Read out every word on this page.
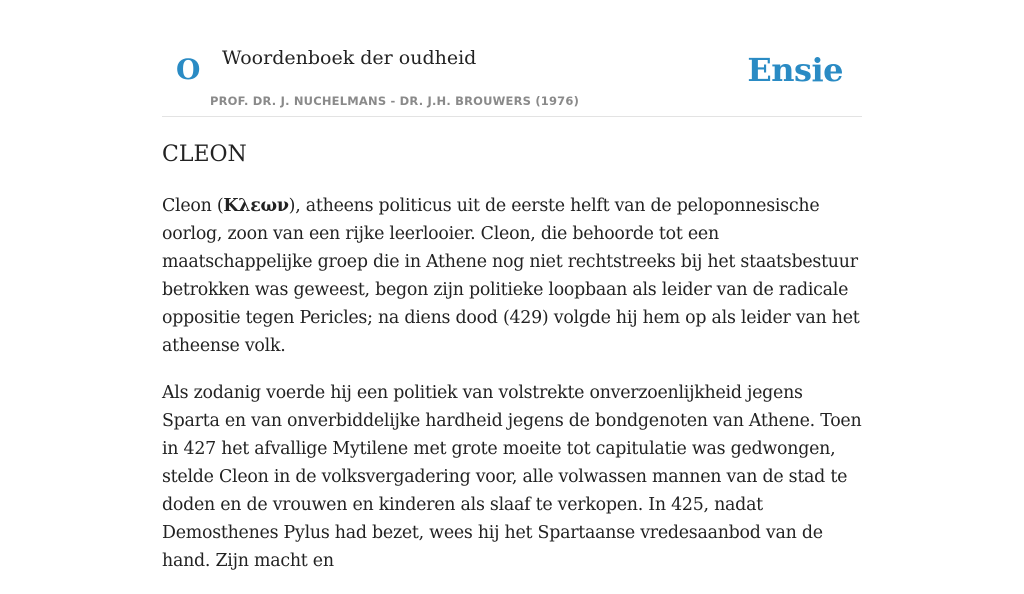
O Woordenboek der oudheid
PROF. DR. J. NUCHELMANS - DR. J.H. BROUWERS (1976)
Ensie
CLEON

Cleon (Κλεων), atheens politicus uit de eerste helft van de peloponnesische oorlog, zoon van een rijke leerlooier. Cleon, die behoorde tot een maatschappelijke groep die in Athene nog niet rechtstreeks bij het staatsbestuur betrokken was geweest, begon zijn politieke loopbaan als leider van de radicale oppositie tegen Pericles; na diens dood (429) volgde hij hem op als leider van het atheense volk.

Als zodanig voerde hij een politiek van volstrekte onverzoenlijkheid jegens Sparta en van onverbiddelijke hardheid jegens de bondgenoten van Athene. Toen in 427 het afvallige Mytilene met grote moeite tot capitulatie was gedwongen, stelde Cleon in de volksvergadering voor, alle volwassen mannen van de stad te doden en de vrouwen en kinderen als slaaf te verkopen. In 425, nadat Demosthenes Pylus had bezet, wees hij het Spartaanse vredesaanbod van de hand. Zijn macht en
